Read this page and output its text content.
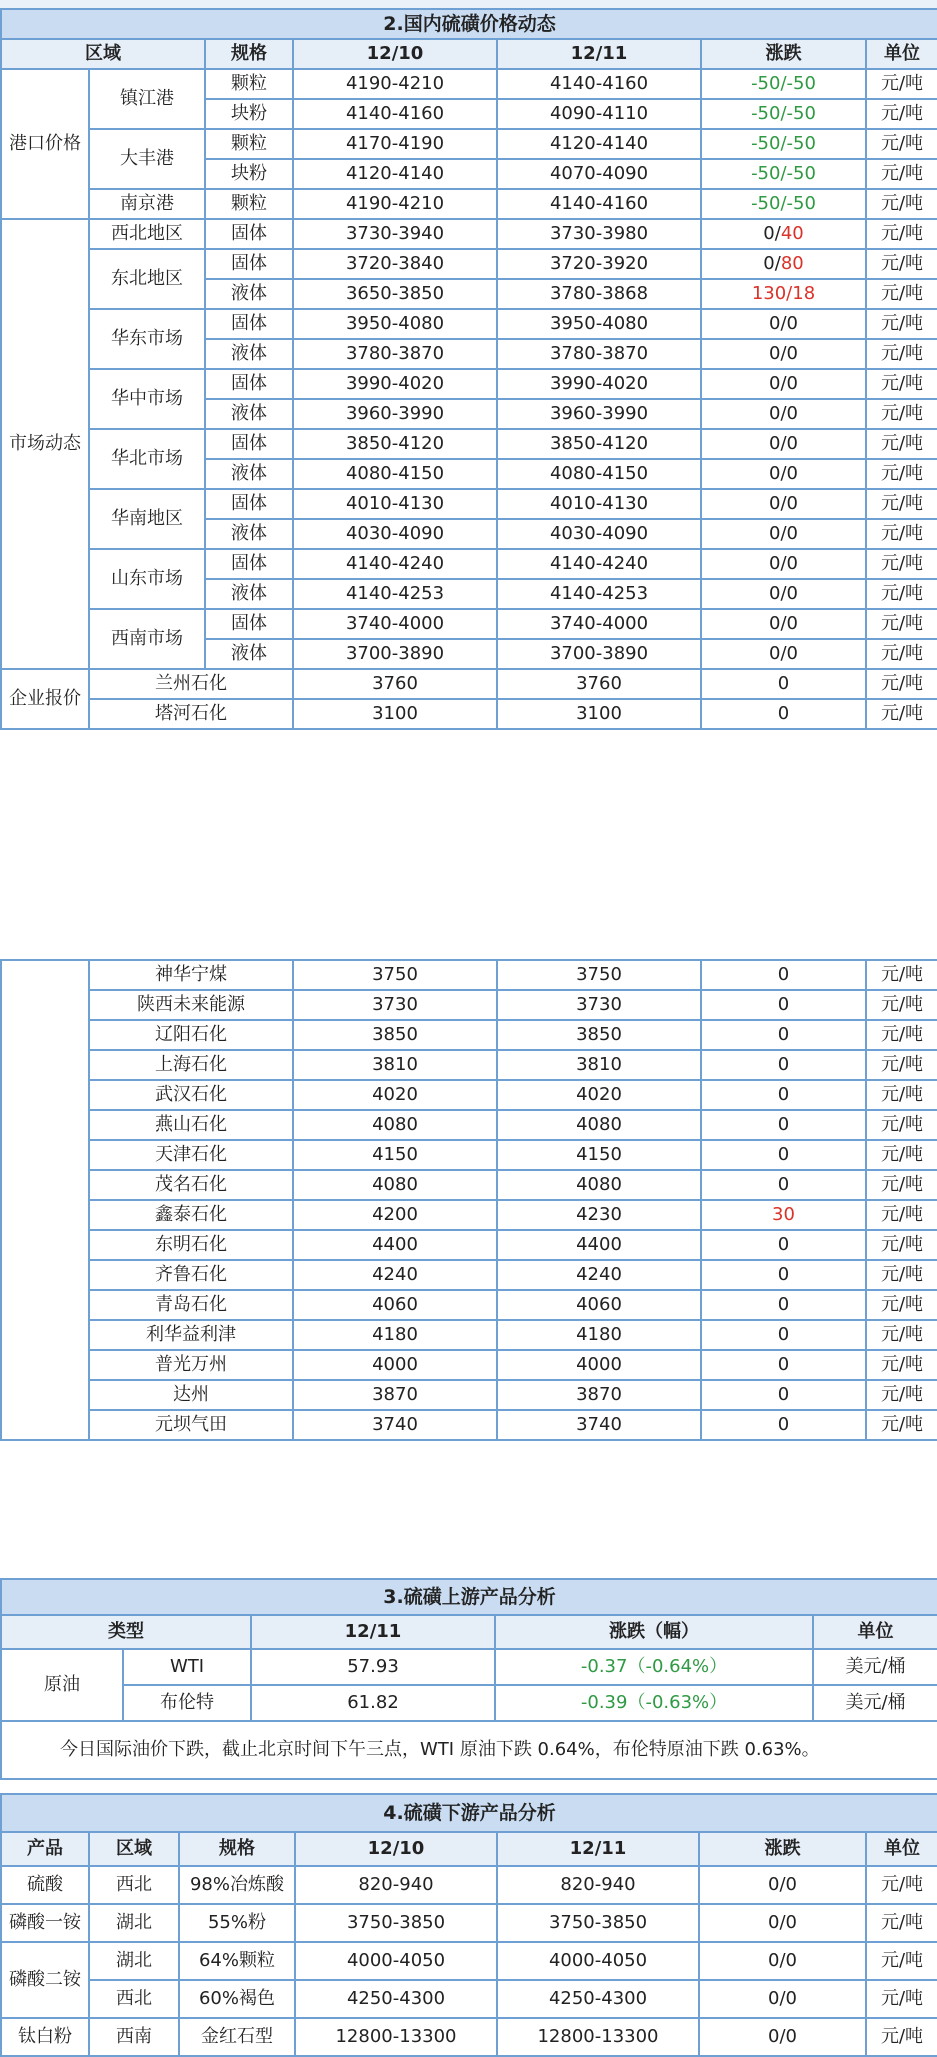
2.国内硫磺价格动态						
区域		规格	12/10	12/11	涨跌	单位
港口价格	镇江港	颗粒	4190-4210	4140-4160	-50/-50	元/吨
		块粉	4140-4160	4090-4110	-50/-50	元/吨
	大丰港	颗粒	4170-4190	4120-4140	-50/-50	元/吨
		块粉	4120-4140	4070-4090	-50/-50	元/吨
	南京港	颗粒	4190-4210	4140-4160	-50/-50	元/吨
市场动态	西北地区	固体	3730-3940	3730-3980	0/40	元/吨
	东北地区	固体	3720-3840	3720-3920	0/80	元/吨
		液体	3650-3850	3780-3868	130/18	元/吨
	华东市场	固体	3950-4080	3950-4080	0/0	元/吨
		液体	3780-3870	3780-3870	0/0	元/吨
	华中市场	固体	3990-4020	3990-4020	0/0	元/吨
		液体	3960-3990	3960-3990	0/0	元/吨
	华北市场	固体	3850-4120	3850-4120	0/0	元/吨
		液体	4080-4150	4080-4150	0/0	元/吨
	华南地区	固体	4010-4130	4010-4130	0/0	元/吨
		液体	4030-4090	4030-4090	0/0	元/吨
	山东市场	固体	4140-4240	4140-4240	0/0	元/吨
		液体	4140-4253	4140-4253	0/0	元/吨
	西南市场	固体	3740-4000	3740-4000	0/0	元/吨
		液体	3700-3890	3700-3890	0/0	元/吨
企业报价	兰州石化		3760	3760	0	元/吨
	塔河石化		3100	3100	0	元/吨
	神华宁煤	3750	3750	0	元/吨
	陕西未来能源	3730	3730	0	元/吨
	辽阳石化	3850	3850	0	元/吨
	上海石化	3810	3810	0	元/吨
	武汉石化	4020	4020	0	元/吨
	燕山石化	4080	4080	0	元/吨
	天津石化	4150	4150	0	元/吨
	茂名石化	4080	4080	0	元/吨
	鑫泰石化	4200	4230	30	元/吨
	东明石化	4400	4400	0	元/吨
	齐鲁石化	4240	4240	0	元/吨
	青岛石化	4060	4060	0	元/吨
	利华益利津	4180	4180	0	元/吨
	普光万州	4000	4000	0	元/吨
	达州	3870	3870	0	元/吨
	元坝气田	3740	3740	0	元/吨
3.硫磺上游产品分析				
类型		12/11	涨跌（幅）	单位
原油	WTI	57.93	-0.37（-0.64%）	美元/桶
	布伦特	61.82	-0.39（-0.63%）	美元/桶
今日国际油价下跌，截止北京时间下午三点，WTI 原油下跌 0.64%，布伦特原油下跌 0.63%。				
4.硫磺下游产品分析						
产品	区域	规格	12/10	12/11	涨跌	单位
硫酸	西北	98%冶炼酸	820-940	820-940	0/0	元/吨
磷酸一铵	湖北	55%粉	3750-3850	3750-3850	0/0	元/吨
磷酸二铵	湖北	64%颗粒	4000-4050	4000-4050	0/0	元/吨
	西北	60%褐色	4250-4300	4250-4300	0/0	元/吨
钛白粉	西南	金红石型	12800-13300	12800-13300	0/0	元/吨
